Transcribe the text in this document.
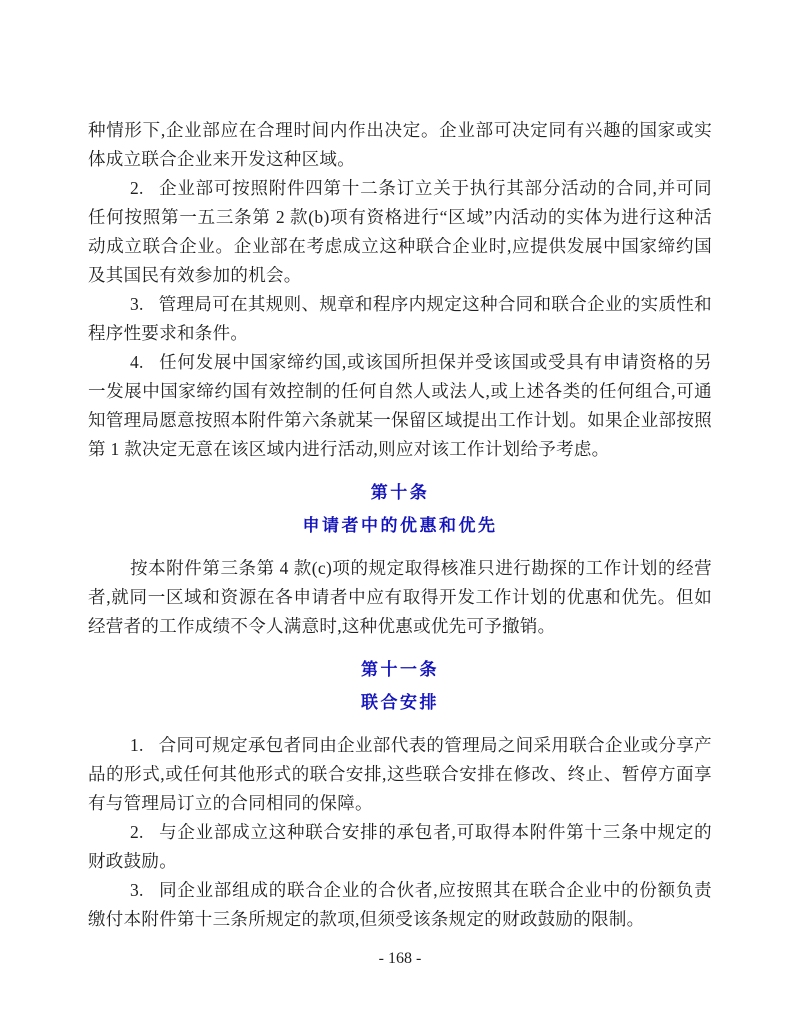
种情形下,企业部应在合理时间内作出决定。企业部可决定同有兴趣的国家或实体成立联合企业来开发这种区域。

2. 企业部可按照附件四第十二条订立关于执行其部分活动的合同,并可同任何按照第一五三条第 2 款(b)项有资格进行“区域”内活动的实体为进行这种活动成立联合企业。企业部在考虑成立这种联合企业时,应提供发展中国家缔约国及其国民有效参加的机会。

3. 管理局可在其规则、规章和程序内规定这种合同和联合企业的实质性和程序性要求和条件。

4. 任何发展中国家缔约国,或该国所担保并受该国或受具有申请资格的另一发展中国家缔约国有效控制的任何自然人或法人,或上述各类的任何组合,可通知管理局愿意按照本附件第六条就某一保留区域提出工作计划。如果企业部按照第 1 款决定无意在该区域内进行活动,则应对该工作计划给予考虑。

第十条
申请者中的优惠和优先

按本附件第三条第 4 款(c)项的规定取得核准只进行勘探的工作计划的经营者,就同一区域和资源在各申请者中应有取得开发工作计划的优惠和优先。但如经营者的工作成绩不令人满意时,这种优惠或优先可予撤销。

第十一条
联合安排

1. 合同可规定承包者同由企业部代表的管理局之间采用联合企业或分享产品的形式,或任何其他形式的联合安排,这些联合安排在修改、终止、暂停方面享有与管理局订立的合同相同的保障。

2. 与企业部成立这种联合安排的承包者,可取得本附件第十三条中规定的财政鼓励。

3. 同企业部组成的联合企业的合伙者,应按照其在联合企业中的份额负责缴付本附件第十三条所规定的款项,但须受该条规定的财政鼓励的限制。

- 168 -
